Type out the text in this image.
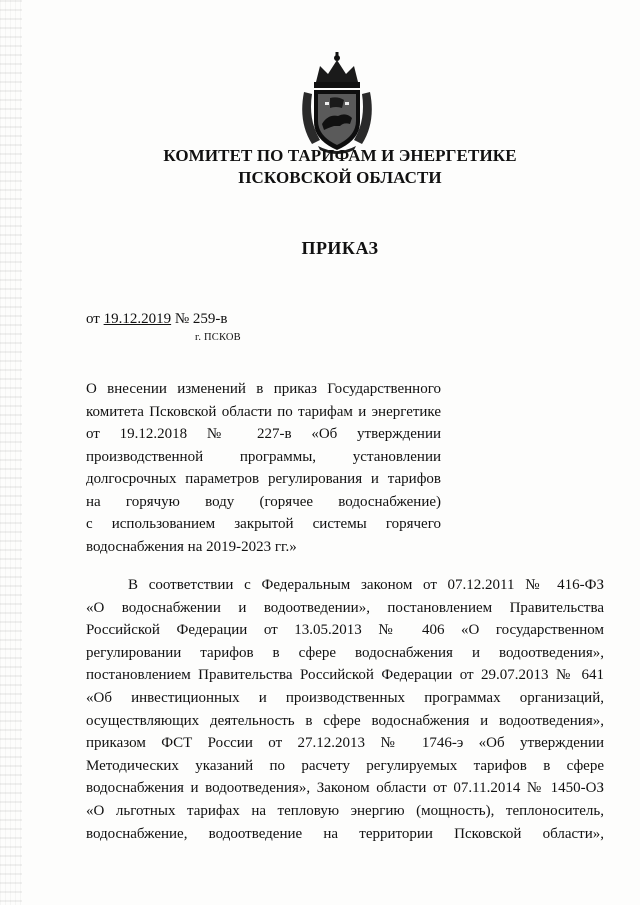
КОМИТЕТ ПО ТАРИФАМ И ЭНЕРГЕТИКЕ
ПСКОВСКОЙ ОБЛАСТИ
ПРИКАЗ
от 19.12.2019 № 259-в
г. ПСКОВ
О внесении изменений в приказ Государственного
комитета Псковской области по тарифам и энергетике
от 19.12.2018 № 227-в «Об утверждении
производственной программы, установлении
долгосрочных параметров регулирования и тарифов
на горячую воду (горячее водоснабжение)
с использованием закрытой системы горячего
водоснабжения на 2019-2023 гг.»
В соответствии с Федеральным законом от 07.12.2011 № 416-ФЗ
«О водоснабжении и водоотведении», постановлением Правительства
Российской Федерации от 13.05.2013 № 406 «О государственном
регулировании тарифов в сфере водоснабжения и водоотведения»,
постановлением Правительства Российской Федерации от 29.07.2013 № 641
«Об инвестиционных и производственных программах организаций,
осуществляющих деятельность в сфере водоснабжения и водоотведения»,
приказом ФСТ России от 27.12.2013 № 1746-э «Об утверждении
Методических указаний по расчету регулируемых тарифов в сфере
водоснабжения и водоотведения», Законом области от 07.11.2014 № 1450-ОЗ
«О льготных тарифах на тепловую энергию (мощность), теплоноситель,
водоснабжение, водоотведение на территории Псковской области»,
